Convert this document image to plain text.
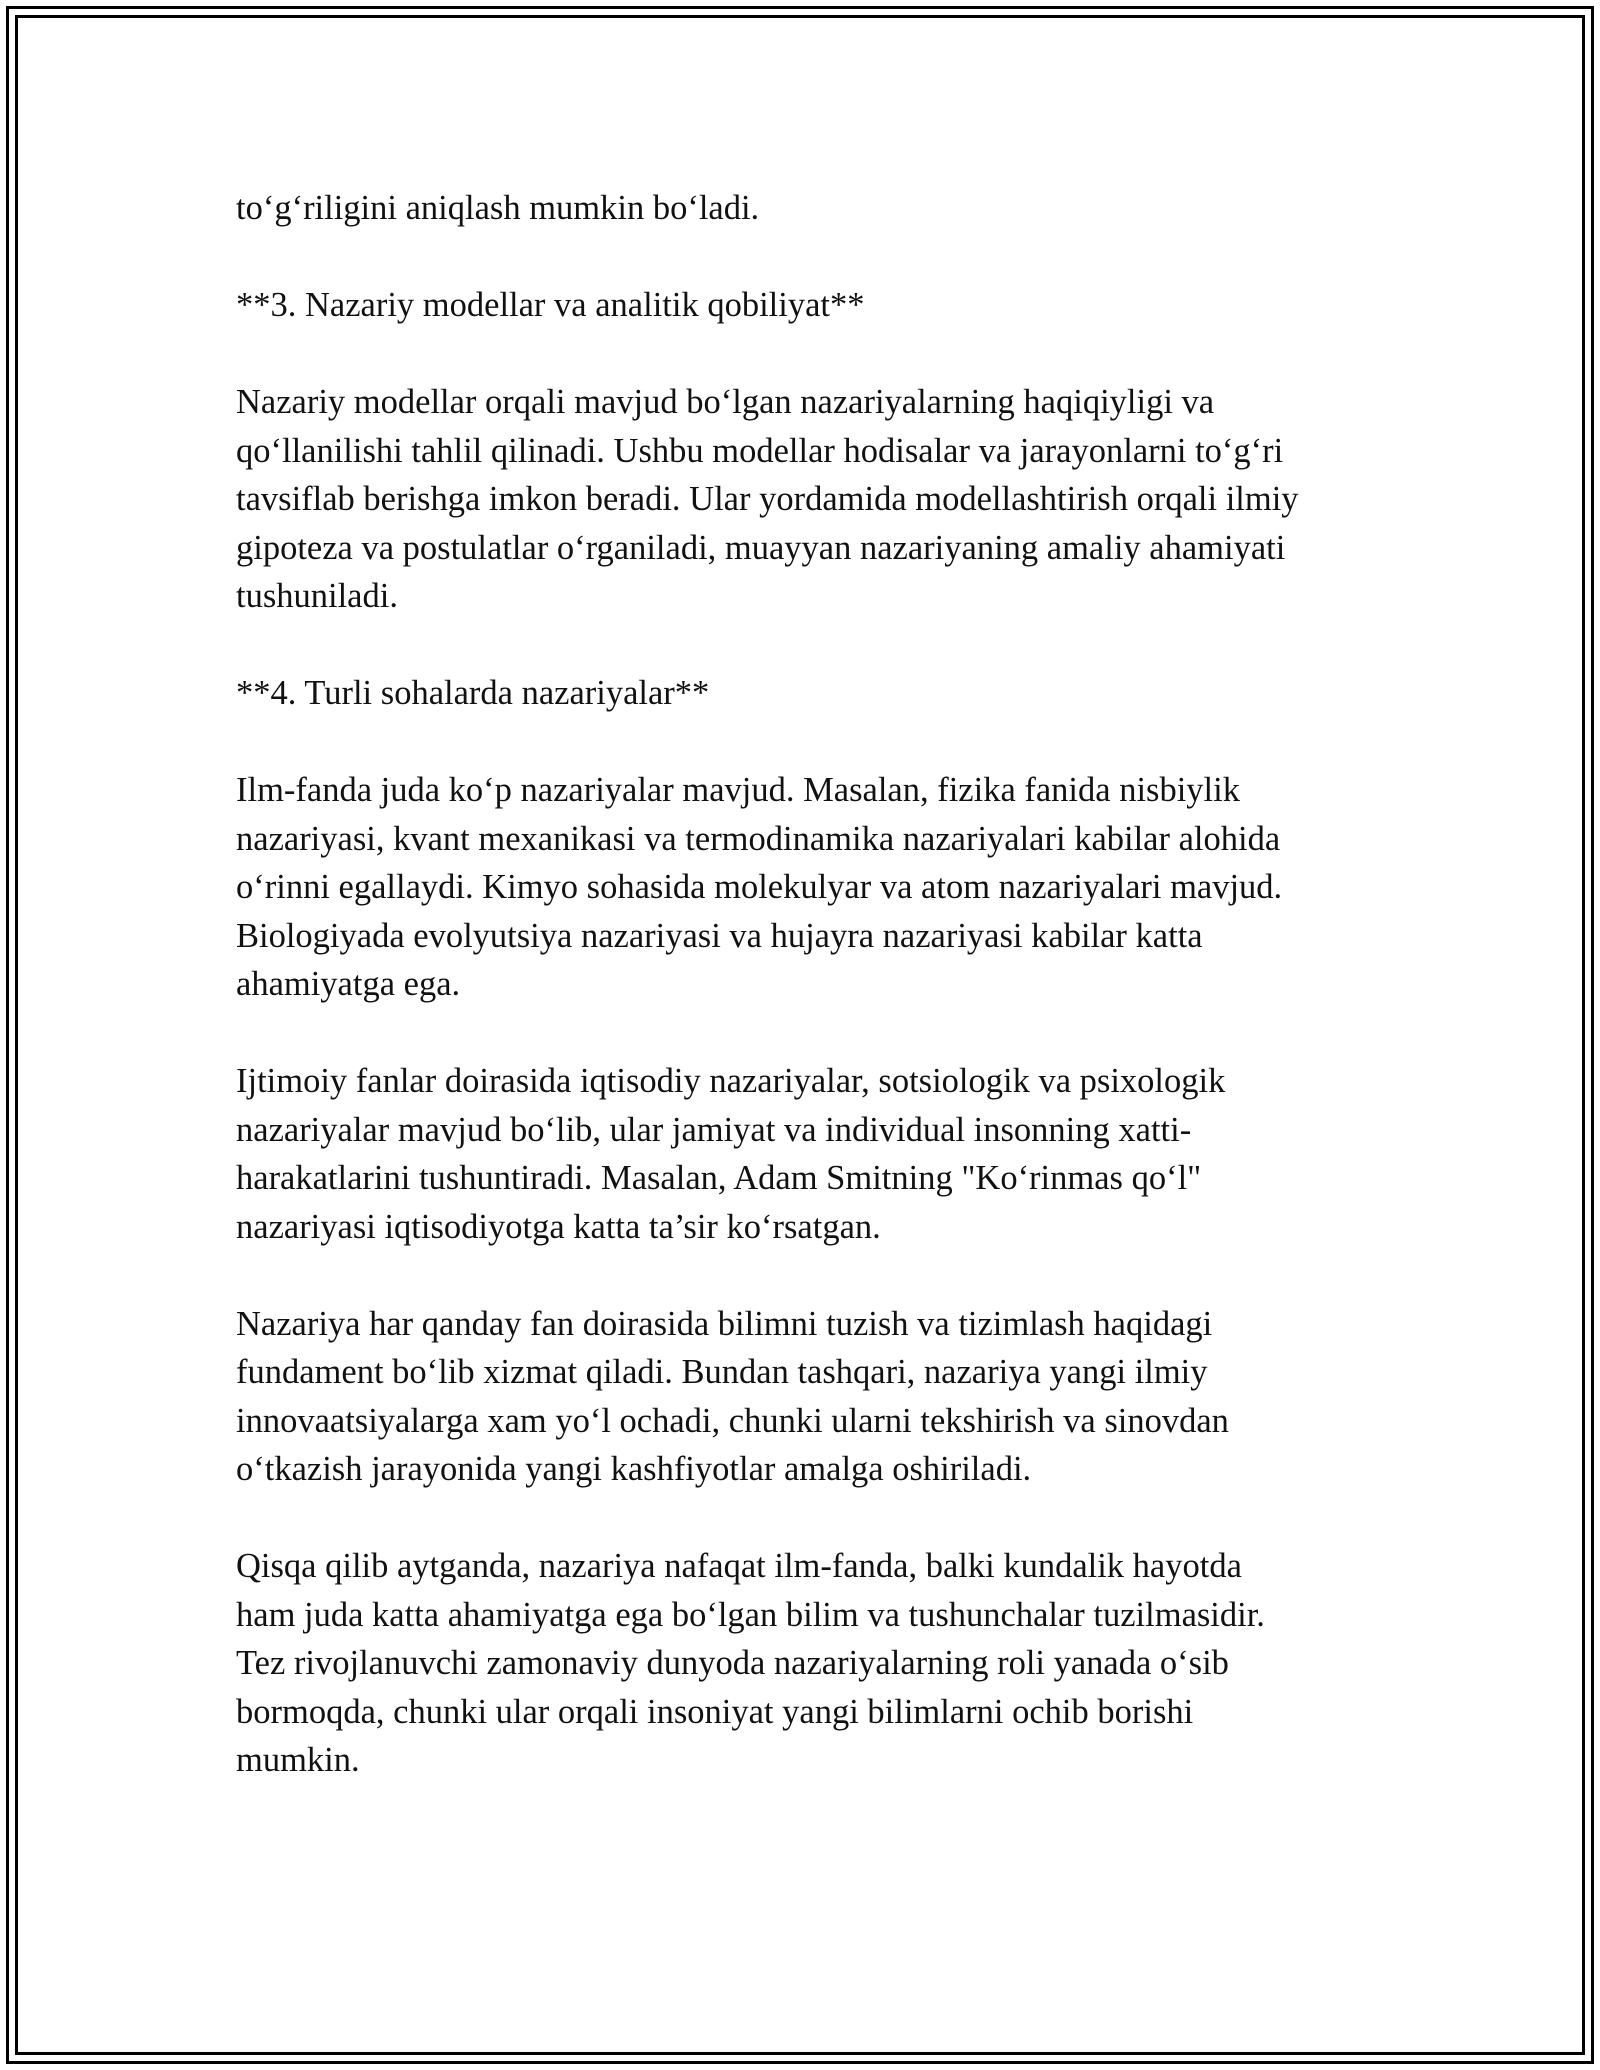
to‘g‘riligini aniqlash mumkin bo‘ladi.
**3. Nazariy modellar va analitik qobiliyat**
Nazariy modellar orqali mavjud bo‘lgan nazariyalarning haqiqiyligi va
qo‘llanilishi tahlil qilinadi. Ushbu modellar hodisalar va jarayonlarni to‘g‘ri
tavsiflab berishga imkon beradi. Ular yordamida modellashtirish orqali ilmiy
gipoteza va postulatlar o‘rganiladi, muayyan nazariyaning amaliy ahamiyati
tushuniladi.
**4. Turli sohalarda nazariyalar**
Ilm-fanda juda ko‘p nazariyalar mavjud. Masalan, fizika fanida nisbiylik
nazariyasi, kvant mexanikasi va termodinamika nazariyalari kabilar alohida
o‘rinni egallaydi. Kimyo sohasida molekulyar va atom nazariyalari mavjud.
Biologiyada evolyutsiya nazariyasi va hujayra nazariyasi kabilar katta
ahamiyatga ega.
Ijtimoiy fanlar doirasida iqtisodiy nazariyalar, sotsiologik va psixologik
nazariyalar mavjud bo‘lib, ular jamiyat va individual insonning xatti-
harakatlarini tushuntiradi. Masalan, Adam Smitning "Ko‘rinmas qo‘l"
nazariyasi iqtisodiyotga katta ta’sir ko‘rsatgan.
Nazariya har qanday fan doirasida bilimni tuzish va tizimlash haqidagi
fundament bo‘lib xizmat qiladi. Bundan tashqari, nazariya yangi ilmiy
innovaatsiyalarga xam yo‘l ochadi, chunki ularni tekshirish va sinovdan
o‘tkazish jarayonida yangi kashfiyotlar amalga oshiriladi.
Qisqa qilib aytganda, nazariya nafaqat ilm-fanda, balki kundalik hayotda
ham juda katta ahamiyatga ega bo‘lgan bilim va tushunchalar tuzilmasidir.
Tez rivojlanuvchi zamonaviy dunyoda nazariyalarning roli yanada o‘sib
bormoqda, chunki ular orqali insoniyat yangi bilimlarni ochib borishi
mumkin.
